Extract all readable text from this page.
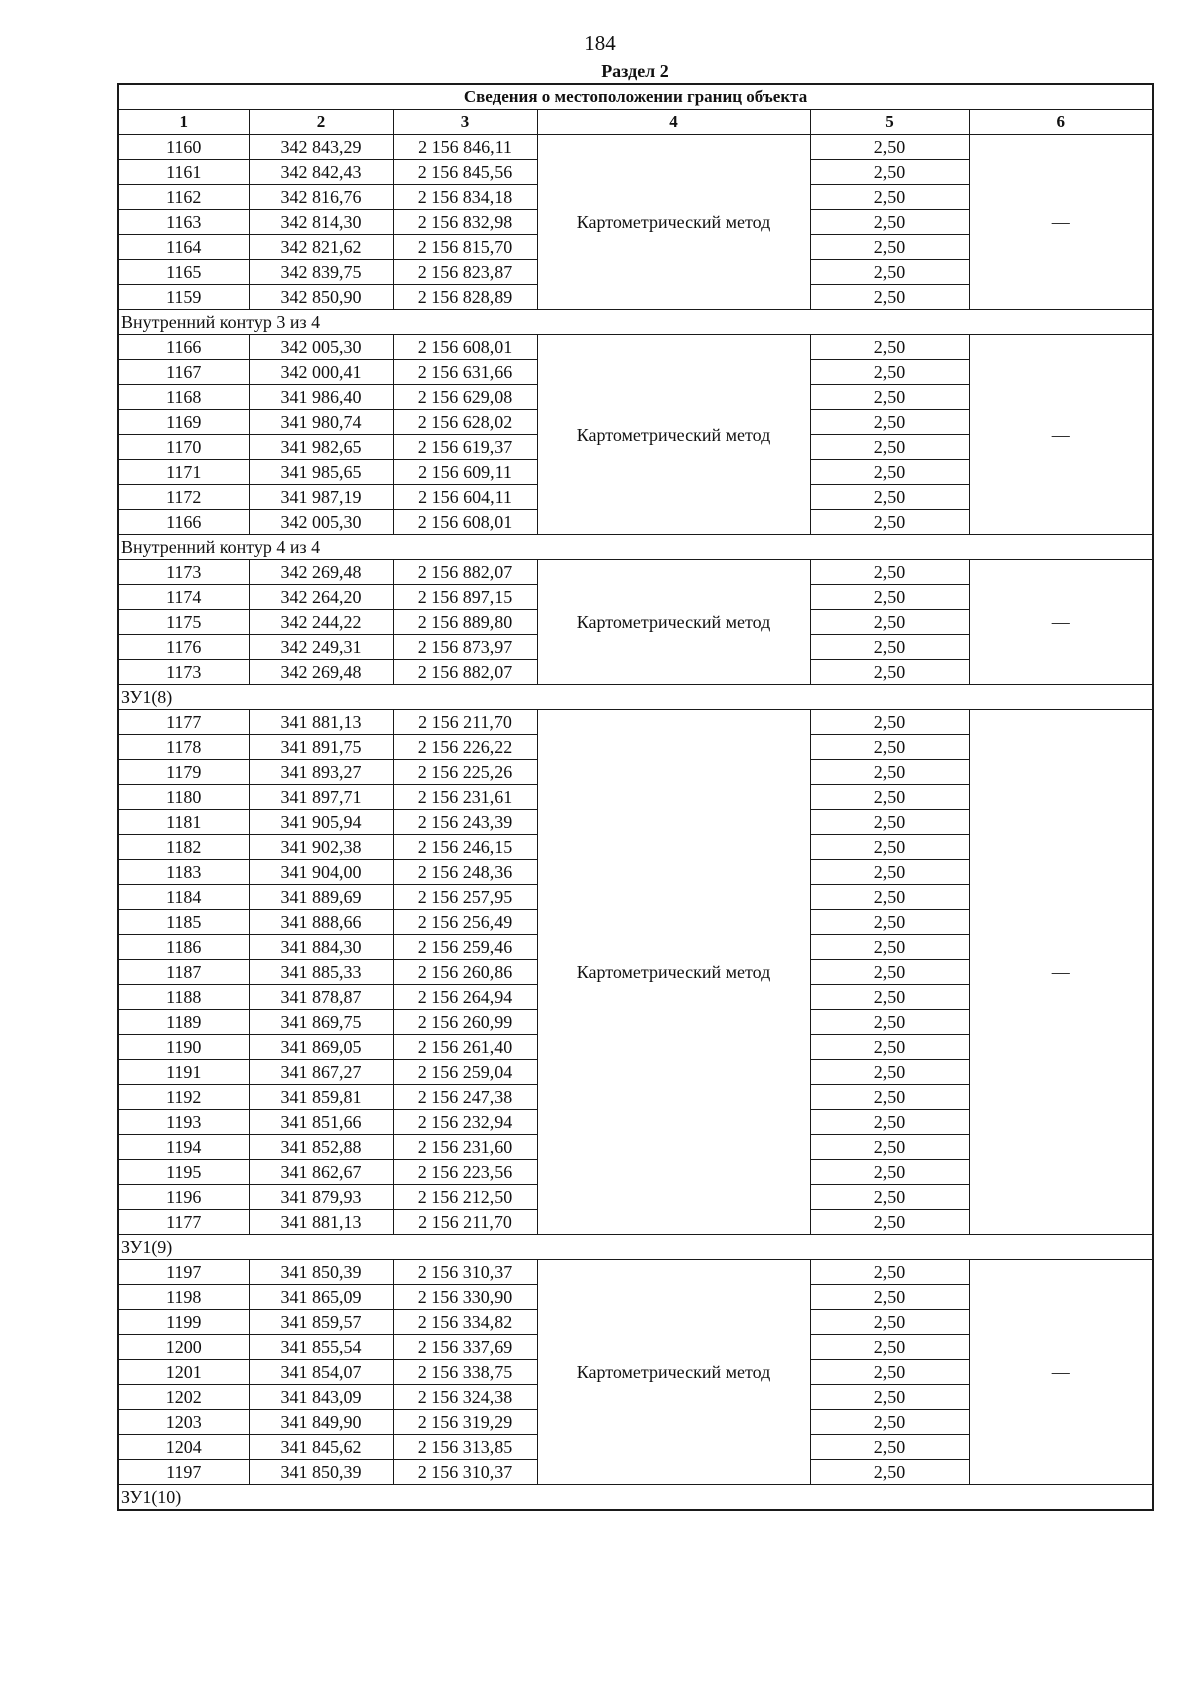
184
Раздел 2
Сведения о местоположении границ объекта					
1	2	3	4	5	6
1160	342 843,29	2 156 846,11	Картометрический метод	2,50	—
1161	342 842,43	2 156 845,56		2,50	
1162	342 816,76	2 156 834,18		2,50	
1163	342 814,30	2 156 832,98		2,50	
1164	342 821,62	2 156 815,70		2,50	
1165	342 839,75	2 156 823,87		2,50	
1159	342 850,90	2 156 828,89		2,50	
Внутренний контур 3 из 4					
1166	342 005,30	2 156 608,01	Картометрический метод	2,50	—
1167	342 000,41	2 156 631,66		2,50	
1168	341 986,40	2 156 629,08		2,50	
1169	341 980,74	2 156 628,02		2,50	
1170	341 982,65	2 156 619,37		2,50	
1171	341 985,65	2 156 609,11		2,50	
1172	341 987,19	2 156 604,11		2,50	
1166	342 005,30	2 156 608,01		2,50	
Внутренний контур 4 из 4					
1173	342 269,48	2 156 882,07	Картометрический метод	2,50	—
1174	342 264,20	2 156 897,15		2,50	
1175	342 244,22	2 156 889,80		2,50	
1176	342 249,31	2 156 873,97		2,50	
1173	342 269,48	2 156 882,07		2,50	
ЗУ1(8)					
1177	341 881,13	2 156 211,70	Картометрический метод	2,50	—
1178	341 891,75	2 156 226,22		2,50	
1179	341 893,27	2 156 225,26		2,50	
1180	341 897,71	2 156 231,61		2,50	
1181	341 905,94	2 156 243,39		2,50	
1182	341 902,38	2 156 246,15		2,50	
1183	341 904,00	2 156 248,36		2,50	
1184	341 889,69	2 156 257,95		2,50	
1185	341 888,66	2 156 256,49		2,50	
1186	341 884,30	2 156 259,46		2,50	
1187	341 885,33	2 156 260,86		2,50	
1188	341 878,87	2 156 264,94		2,50	
1189	341 869,75	2 156 260,99		2,50	
1190	341 869,05	2 156 261,40		2,50	
1191	341 867,27	2 156 259,04		2,50	
1192	341 859,81	2 156 247,38		2,50	
1193	341 851,66	2 156 232,94		2,50	
1194	341 852,88	2 156 231,60		2,50	
1195	341 862,67	2 156 223,56		2,50	
1196	341 879,93	2 156 212,50		2,50	
1177	341 881,13	2 156 211,70		2,50	
ЗУ1(9)					
1197	341 850,39	2 156 310,37	Картометрический метод	2,50	—
1198	341 865,09	2 156 330,90		2,50	
1199	341 859,57	2 156 334,82		2,50	
1200	341 855,54	2 156 337,69		2,50	
1201	341 854,07	2 156 338,75		2,50	
1202	341 843,09	2 156 324,38		2,50	
1203	341 849,90	2 156 319,29		2,50	
1204	341 845,62	2 156 313,85		2,50	
1197	341 850,39	2 156 310,37		2,50	
ЗУ1(10)					
